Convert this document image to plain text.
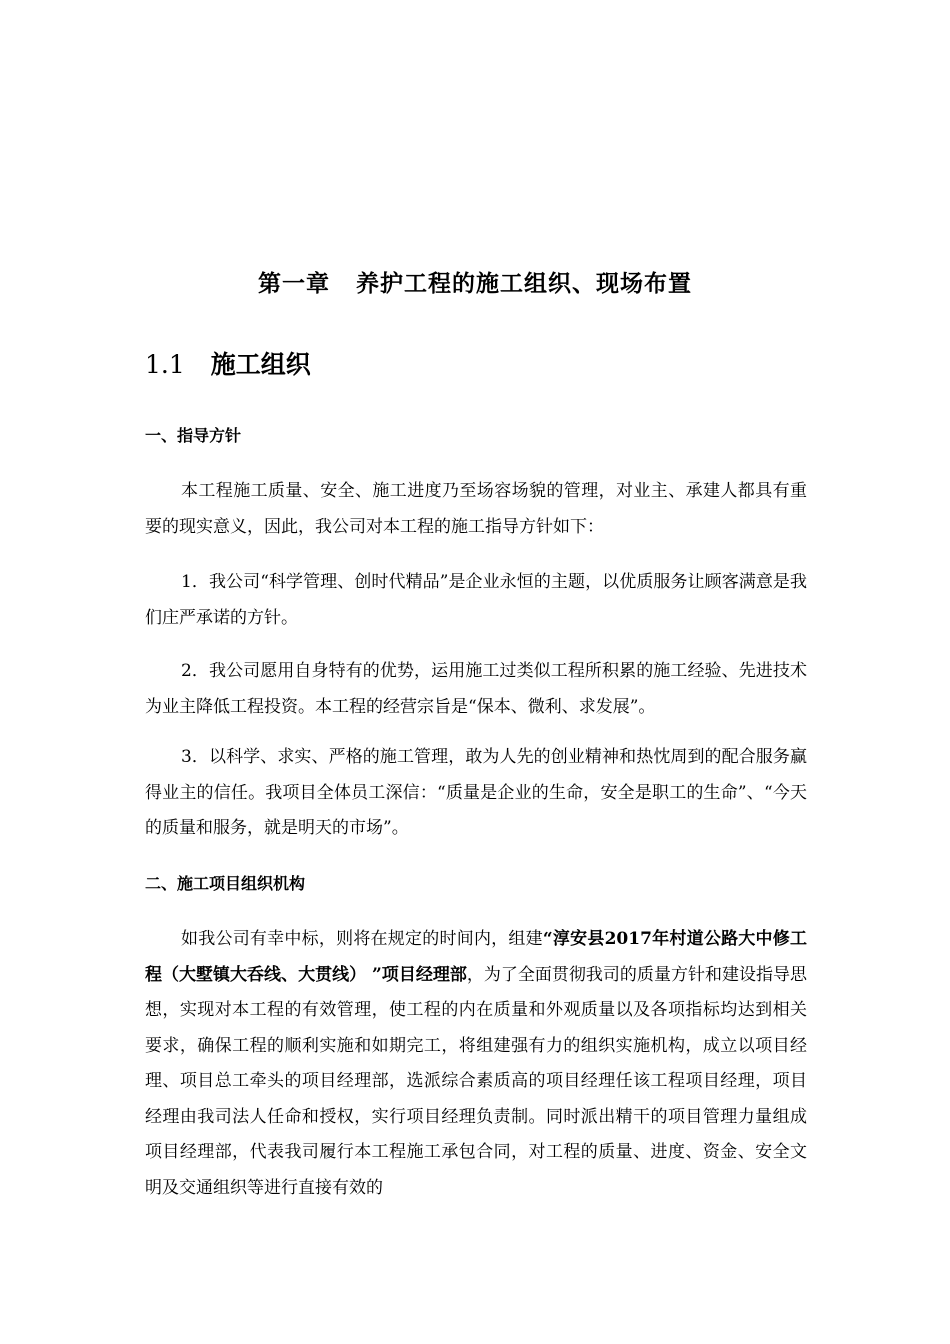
第一章 养护工程的施工组织、现场布置
1.1 施工组织
一、指导方针

本工程施工质量、安全、施工进度乃至场容场貌的管理，对业主、承建人都具有重要的现实意义，因此，我公司对本工程的施工指导方针如下：

1．我公司“科学管理、创时代精品”是企业永恒的主题，以优质服务让顾客满意是我们庄严承诺的方针。

2．我公司愿用自身特有的优势，运用施工过类似工程所积累的施工经验、先进技术为业主降低工程投资。本工程的经营宗旨是“保本、微利、求发展”。

3．以科学、求实、严格的施工管理，敢为人先的创业精神和热忱周到的配合服务赢得业主的信任。我项目全体员工深信：“质量是企业的生命，安全是职工的生命”、“今天的质量和服务，就是明天的市场”。

二、施工项目组织机构

如我公司有幸中标，则将在规定的时间内，组建“淳安县2017年村道公路大中修工程（大墅镇大呑线、大贯线） ”项目经理部，为了全面贯彻我司的质量方针和建设指导思想，实现对本工程的有效管理，使工程的内在质量和外观质量以及各项指标均达到相关要求，确保工程的顺利实施和如期完工，将组建强有力的组织实施机构，成立以项目经理、项目总工牵头的项目经理部，选派综合素质高的项目经理任该工程项目经理，项目经理由我司法人任命和授权，实行项目经理负责制。同时派出精干的项目管理力量组成项目经理部，代表我司履行本工程施工承包合同，对工程的质量、进度、资金、安全文明及交通组织等进行直接有效的
